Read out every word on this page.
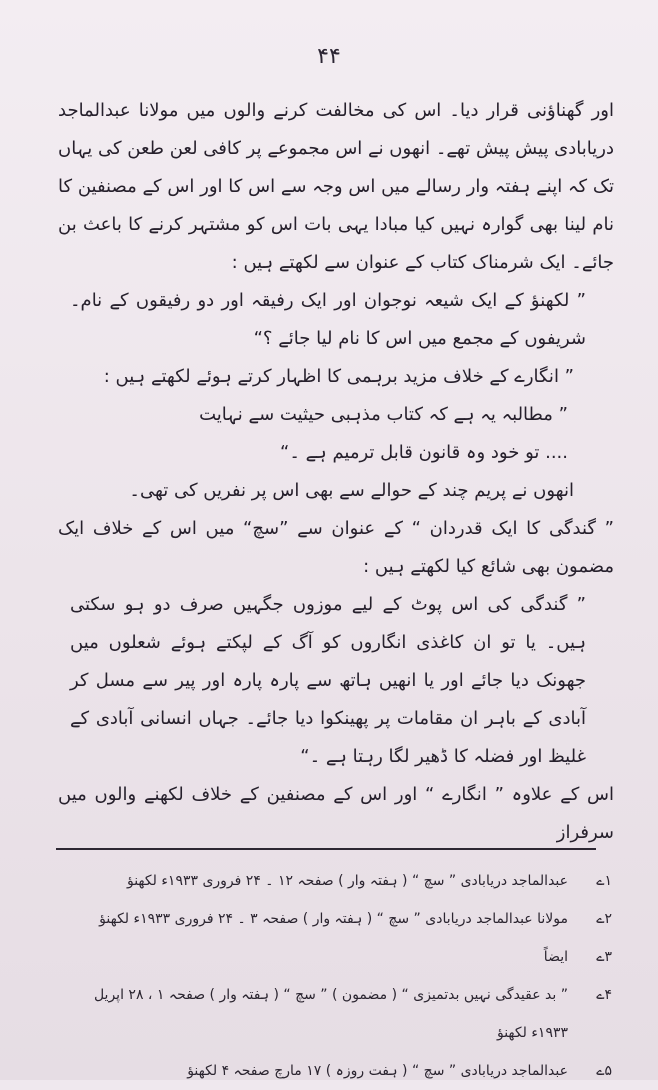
۴۴

اور گھناؤنی قرار دیا۔ اس کی مخالفت کرنے والوں میں مولانا عبدالماجد دریابادی پیش پیش تھے۔ انھوں نے اس مجموعے پر کافی لعن طعن کی یہاں تک کہ اپنے ہفتہ وار رسالے میں اس وجہ سے اس کا اور اس کے مصنفین کا نام لینا بھی گوارہ نہیں کیا مبادا یہی بات اس کو مشتہر کرنے کا باعث بن جائے۔ ایک شرمناک کتاب کے عنوان سے لکھتے ہیں :

” لکھنؤ کے ایک شیعہ نوجوان اور ایک رفیقہ اور دو رفیقوں کے نام۔ شریفوں کے مجمع میں اس کا نام لیا جائے ؟“

” انگارے کے خلاف مزید برہمی کا اظہار کرتے ہوئے لکھتے ہیں :

” مطالبہ یہ ہے کہ کتاب مذہبی حیثیت سے نہایت

.... تو خود وہ قانون قابل ترمیم ہے ۔“

انھوں نے پریم چند کے حوالے سے بھی اس پر نفریں کی تھی۔

” گندگی کا ایک قدردان “ کے عنوان سے ”سچ“ میں اس کے خلاف ایک مضمون بھی شائع کیا لکھتے ہیں :

” گندگی کی اس پوٹ کے لیے موزوں جگہیں صرف دو ہو سکتی ہیں۔ یا تو ان کاغذی انگاروں کو آگ کے لپکتے ہوئے شعلوں میں جھونک دیا جائے اور یا انھیں ہاتھ سے پارہ پارہ اور پیر سے مسل کر آبادی کے باہر ان مقامات پر پھینکوا دیا جائے۔ جہاں انسانی آبادی کے غلیظ اور فضلہ کا ڈھیر لگا رہتا ہے ۔“

اس کے علاوہ ” انگارے “ اور اس کے مصنفین کے خلاف لکھنے والوں میں سرفراز

۱ے
عبدالماجد دریابادی ” سچ “ ( ہفتہ وار ) صفحہ ۱۲ ۔ ۲۴ فروری ۱۹۳۳ء لکھنؤ

۲ے
مولانا عبدالماجد دریابادی ” سچ “ ( ہفتہ وار ) صفحہ ۳ ۔ ۲۴ فروری ۱۹۳۳ء لکھنؤ

۳ے
ایضاً

۴ے
” بد عقیدگی نہیں بدتمیزی “ ( مضمون ) ” سچ “ ( ہفتہ وار ) صفحہ ۱ ، ۲۸ اپریل ۱۹۳۳ء لکھنؤ

۵ے
عبدالماجد دریابادی ” سچ “ ( ہفت روزہ ) ۱۷ مارچ صفحہ ۴ لکھنؤ
